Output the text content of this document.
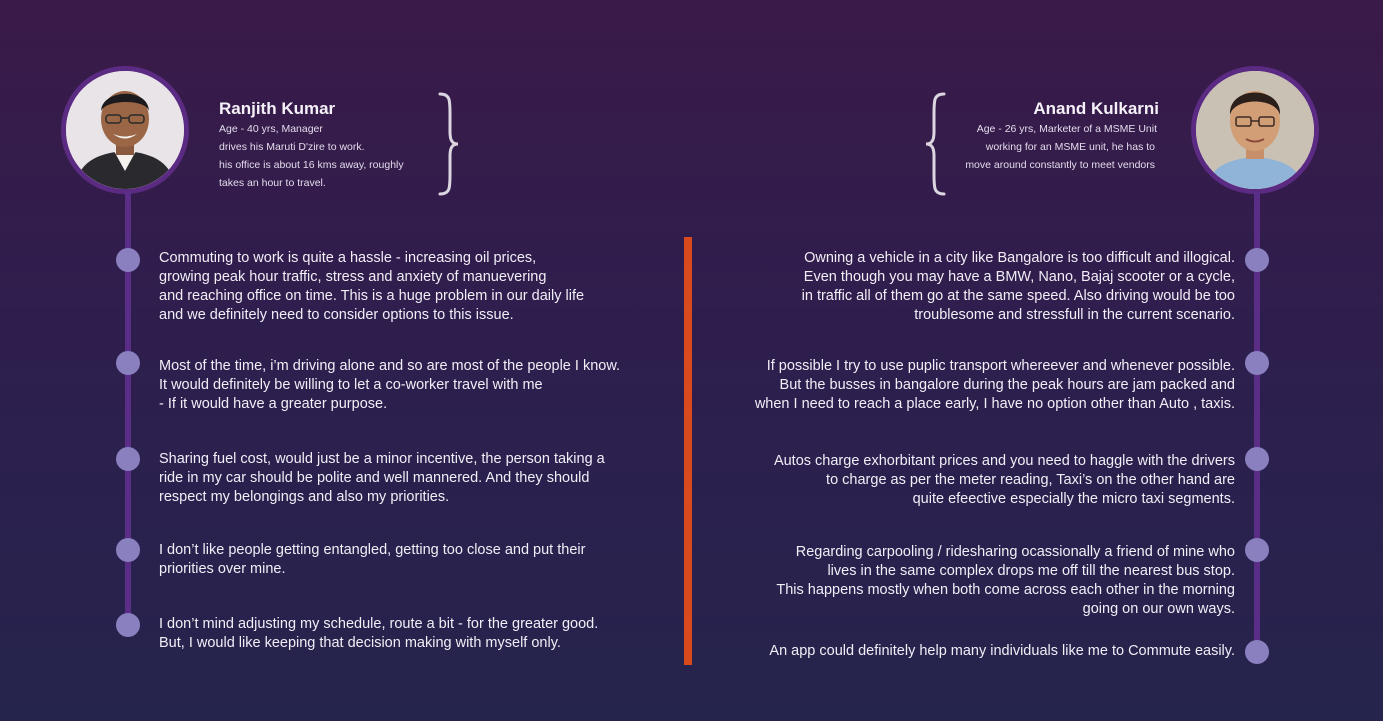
Ranjith Kumar
Age - 40 yrs, Manager
drives his Maruti D'zire to work.
his office is about 16 kms away, roughly
takes an hour to travel.
Anand Kulkarni
Age - 26 yrs, Marketer of a MSME Unit
working for an MSME unit, he has to
move around constantly to meet vendors
Commuting to work is quite a hassle - increasing oil prices,
growing peak hour traffic, stress and anxiety of manuevering
and reaching office on time. This is a huge problem in our daily life
and we definitely need to consider options to this issue.
Most of the time, i’m driving alone and so are most of the people I know.
It would definitely be willing to let a co-worker travel with me
- If it would have a greater purpose.
Sharing fuel cost, would just be a minor incentive, the person taking a
ride in my car should be polite and well mannered. And they should
respect my belongings and also my priorities.
I don’t like people getting entangled, getting too close and put their
priorities over mine.
I don’t mind adjusting my schedule, route a bit - for the greater good.
But, I would like keeping that decision making with myself only.
Owning a vehicle in a city like Bangalore is too difficult and illogical.
Even though you may have a BMW, Nano, Bajaj scooter or a cycle,
in traffic all of them go at the same speed. Also driving would be too
troublesome and stressfull in the current scenario.
If possible I try to use puplic transport whereever and whenever possible.
But the busses in bangalore during the peak hours are jam packed and
when I need to reach a place early, I have no option other than Auto , taxis.
Autos charge exhorbitant prices and you need to haggle with the drivers
to charge as per the meter reading, Taxi’s on the other hand are
quite efeective especially the micro taxi segments.
Regarding carpooling / ridesharing ocassionally a friend of mine who
lives in the same complex drops me off till the nearest bus stop.
This happens mostly when both come across each other in the morning
going on our own ways.
An app could definitely help many individuals like me to Commute easily.
